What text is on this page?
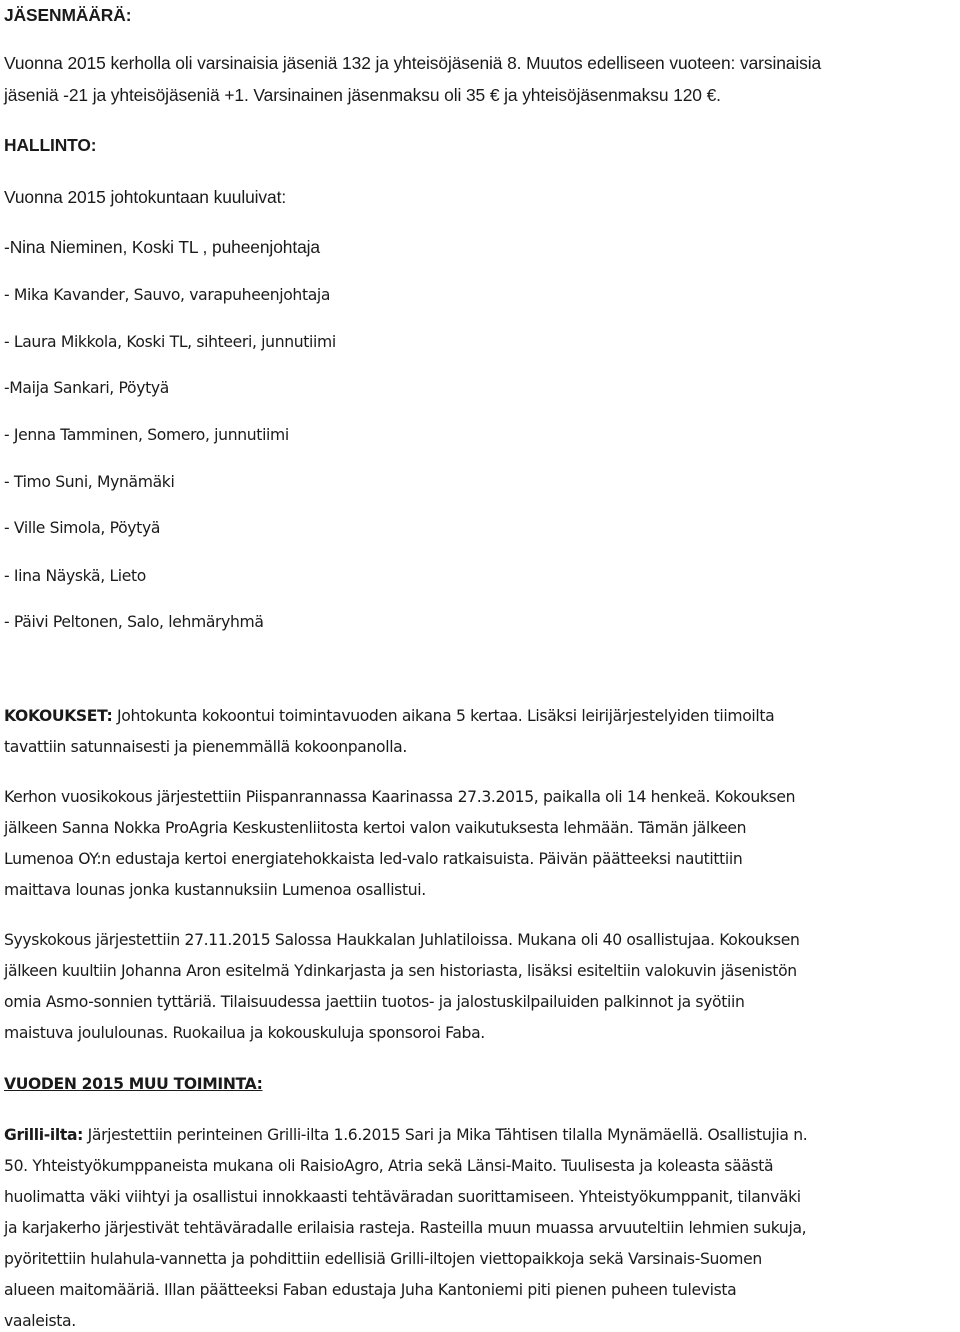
JÄSENMÄÄRÄ:
Vuonna 2015 kerholla oli varsinaisia jäseniä 132 ja yhteisöjäseniä 8. Muutos edelliseen vuoteen: varsinaisia
jäseniä -21 ja yhteisöjäseniä +1. Varsinainen jäsenmaksu oli 35 € ja yhteisöjäsenmaksu 120 €.
HALLINTO:
Vuonna 2015 johtokuntaan kuuluivat:
-Nina Nieminen, Koski TL , puheenjohtaja
- Mika Kavander, Sauvo, varapuheenjohtaja
- Laura Mikkola, Koski TL, sihteeri, junnutiimi
-Maija Sankari, Pöytyä
- Jenna Tamminen, Somero, junnutiimi
- Timo Suni, Mynämäki
- Ville Simola, Pöytyä
- Iina Näyskä, Lieto
- Päivi Peltonen, Salo, lehmäryhmä
KOKOUKSET: Johtokunta kokoontui toimintavuoden aikana 5 kertaa. Lisäksi leirijärjestelyiden tiimoilta
tavattiin satunnaisesti ja pienemmällä kokoonpanolla.
Kerhon vuosikokous järjestettiin Piispanrannassa Kaarinassa 27.3.2015, paikalla oli 14 henkeä. Kokouksen
jälkeen Sanna Nokka ProAgria Keskustenliitosta kertoi valon vaikutuksesta lehmään. Tämän jälkeen
Lumenoa OY:n edustaja kertoi energiatehokkaista led-valo ratkaisuista. Päivän päätteeksi nautittiin
maittava lounas jonka kustannuksiin Lumenoa osallistui.
Syyskokous järjestettiin 27.11.2015 Salossa Haukkalan Juhlatiloissa. Mukana oli 40 osallistujaa. Kokouksen
jälkeen kuultiin Johanna Aron esitelmä Ydinkarjasta ja sen historiasta, lisäksi esiteltiin valokuvin jäsenistön
omia Asmo-sonnien tyttäriä. Tilaisuudessa jaettiin tuotos- ja jalostuskilpailuiden palkinnot ja syötiin
maistuva joululounas. Ruokailua ja kokouskuluja sponsoroi Faba.
VUODEN 2015 MUU TOIMINTA:
Grilli-ilta: Järjestettiin perinteinen Grilli-ilta 1.6.2015 Sari ja Mika Tähtisen tilalla Mynämäellä. Osallistujia n.
50. Yhteistyökumppaneista mukana oli RaisioAgro, Atria sekä Länsi-Maito. Tuulisesta ja koleasta säästä
huolimatta väki viihtyi ja osallistui innokkaasti tehtäväradan suorittamiseen. Yhteistyökumppanit, tilanväki
ja karjakerho järjestivät tehtäväradalle erilaisia rasteja. Rasteilla muun muassa arvuuteltiin lehmien sukuja,
pyöritettiin hulahula-vannetta ja pohdittiin edellisiä Grilli-iltojen viettopaikkoja sekä Varsinais-Suomen
alueen maitomääriä. Illan päätteeksi Faban edustaja Juha Kantoniemi piti pienen puheen tulevista
vaaleista.
